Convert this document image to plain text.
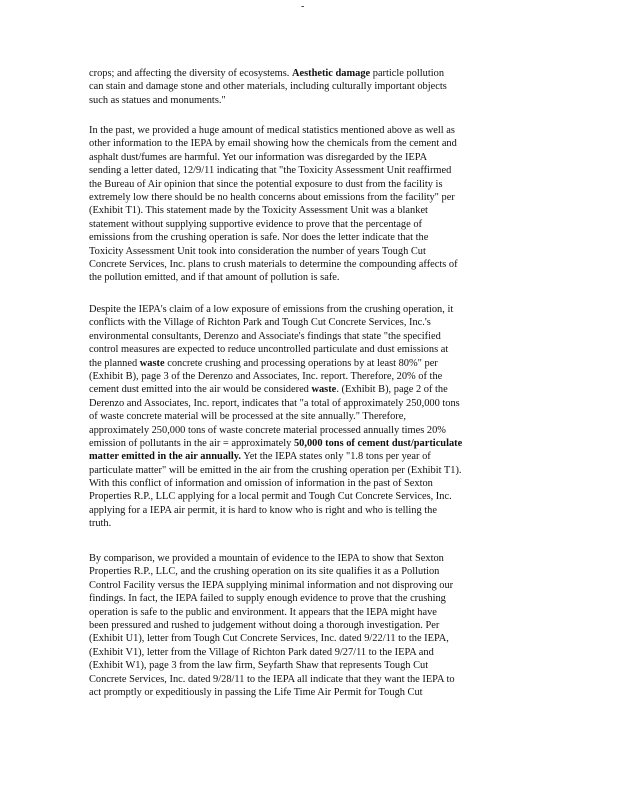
-
crops; and affecting the diversity of ecosystems. Aesthetic damage particle pollution
can stain and damage stone and other materials, including culturally important objects
such as statues and monuments."
In the past, we provided a huge amount of medical statistics mentioned above as well as
other information to the IEPA by email showing how the chemicals from the cement and
asphalt dust/fumes are harmful. Yet our information was disregarded by the IEPA
sending a letter dated, 12/9/11 indicating that "the Toxicity Assessment Unit reaffirmed
the Bureau of Air opinion that since the potential exposure to dust from the facility is
extremely low there should be no health concerns about emissions from the facility" per
(Exhibit T1). This statement made by the Toxicity Assessment Unit was a blanket
statement without supplying supportive evidence to prove that the percentage of
emissions from the crushing operation is safe. Nor does the letter indicate that the
Toxicity Assessment Unit took into consideration the number of years Tough Cut
Concrete Services, Inc. plans to crush materials to determine the compounding affects of
the pollution emitted, and if that amount of pollution is safe.
Despite the IEPA's claim of a low exposure of emissions from the crushing operation, it
conflicts with the Village of Richton Park and Tough Cut Concrete Services, Inc.'s
environmental consultants, Derenzo and Associate's findings that state "the specified
control measures are expected to reduce uncontrolled particulate and dust emissions at
the planned waste concrete crushing and processing operations by at least 80%" per
(Exhibit B), page 3 of the Derenzo and Associates, Inc. report. Therefore, 20% of the
cement dust emitted into the air would be considered waste. (Exhibit B), page 2 of the
Derenzo and Associates, Inc. report, indicates that "a total of approximately 250,000 tons
of waste concrete material will be processed at the site annually." Therefore,
approximately 250,000 tons of waste concrete material processed annually times 20%
emission of pollutants in the air = approximately 50,000 tons of cement dust/particulate
matter emitted in the air annually. Yet the IEPA states only "1.8 tons per year of
particulate matter" will be emitted in the air from the crushing operation per (Exhibit T1).
With this conflict of information and omission of information in the past of Sexton
Properties R.P., LLC applying for a local permit and Tough Cut Concrete Services, Inc.
applying for a IEPA air permit, it is hard to know who is right and who is telling the
truth.
By comparison, we provided a mountain of evidence to the IEPA to show that Sexton
Properties R.P., LLC, and the crushing operation on its site qualifies it as a Pollution
Control Facility versus the IEPA supplying minimal information and not disproving our
findings. In fact, the IEPA failed to supply enough evidence to prove that the crushing
operation is safe to the public and environment. It appears that the IEPA might have
been pressured and rushed to judgement without doing a thorough investigation. Per
(Exhibit U1), letter from Tough Cut Concrete Services, Inc. dated 9/22/11 to the IEPA,
(Exhibit V1), letter from the Village of Richton Park dated 9/27/11 to the IEPA and
(Exhibit W1), page 3 from the law firm, Seyfarth Shaw that represents Tough Cut
Concrete Services, Inc. dated 9/28/11 to the IEPA all indicate that they want the IEPA to
act promptly or expeditiously in passing the Life Time Air Permit for Tough Cut
